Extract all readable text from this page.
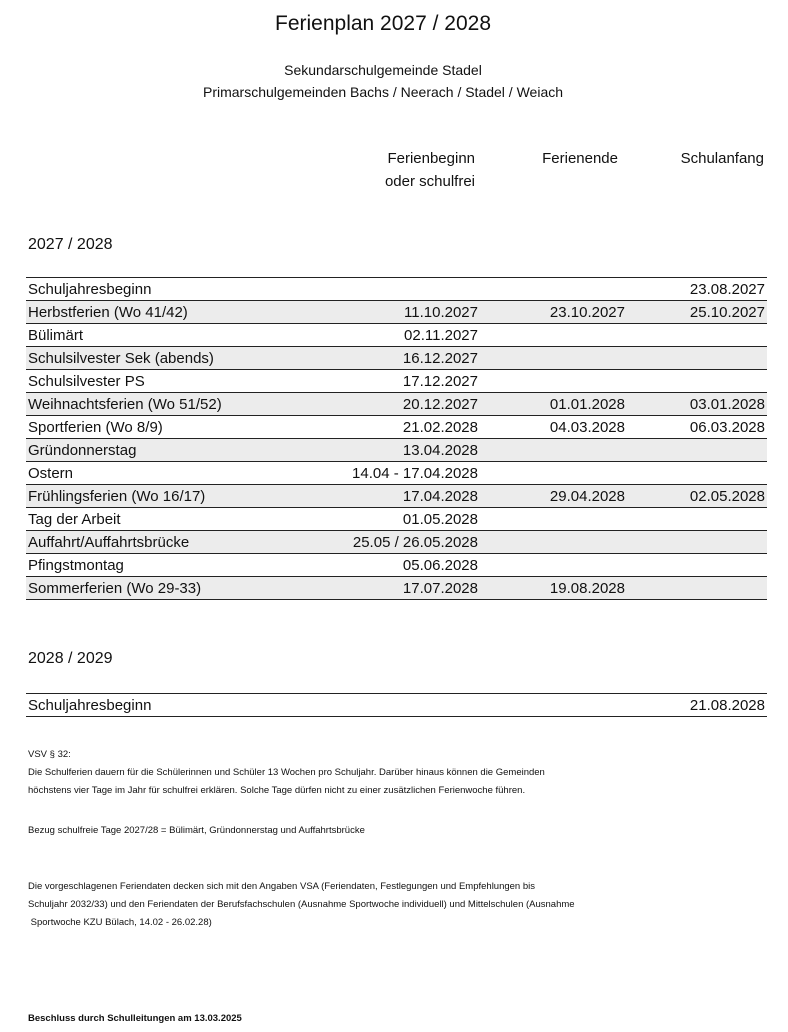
Ferienplan 2027 / 2028
Sekundarschulgemeinde Stadel
Primarschulgemeinden Bachs / Neerach / Stadel / Weiach
Ferienbeginn
oder schulfrei
Ferienende	Schulanfang
2027 / 2028
Schuljahresbeginn			23.08.2027
Herbstferien (Wo 41/42)	11.10.2027	23.10.2027	25.10.2027
Bülimärt	02.11.2027		
Schulsilvester Sek (abends)	16.12.2027		
Schulsilvester PS	17.12.2027		
Weihnachtsferien (Wo 51/52)	20.12.2027	01.01.2028	03.01.2028
Sportferien (Wo 8/9)	21.02.2028	04.03.2028	06.03.2028
Gründonnerstag	13.04.2028		
Ostern	14.04 - 17.04.2028		
Frühlingsferien (Wo 16/17)	17.04.2028	29.04.2028	02.05.2028
Tag der Arbeit	01.05.2028		
Auffahrt/Auffahrtsbrücke	25.05 / 26.05.2028		
Pfingstmontag	05.06.2028		
Sommerferien (Wo 29-33)	17.07.2028	19.08.2028	
2028 / 2029
Schuljahresbeginn			21.08.2028
VSV § 32:
Die Schulferien dauern für die Schülerinnen und Schüler 13 Wochen pro Schuljahr. Darüber hinaus können die Gemeinden
höchstens vier Tage im Jahr für schulfrei erklären. Solche Tage dürfen nicht zu einer zusätzlichen Ferienwoche führen.
Bezug schulfreie Tage 2027/28 = Bülimärt, Gründonnerstag und Auffahrtsbrücke
Die vorgeschlagenen Feriendaten decken sich mit den Angaben VSA (Feriendaten, Festlegungen und Empfehlungen bis
Schuljahr 2032/33) und den Feriendaten der Berufsfachschulen (Ausnahme Sportwoche individuell) und Mittelschulen (Ausnahme
Sportwoche KZU Bülach, 14.02 - 26.02.28)
Beschluss durch Schulleitungen am 13.03.2025
